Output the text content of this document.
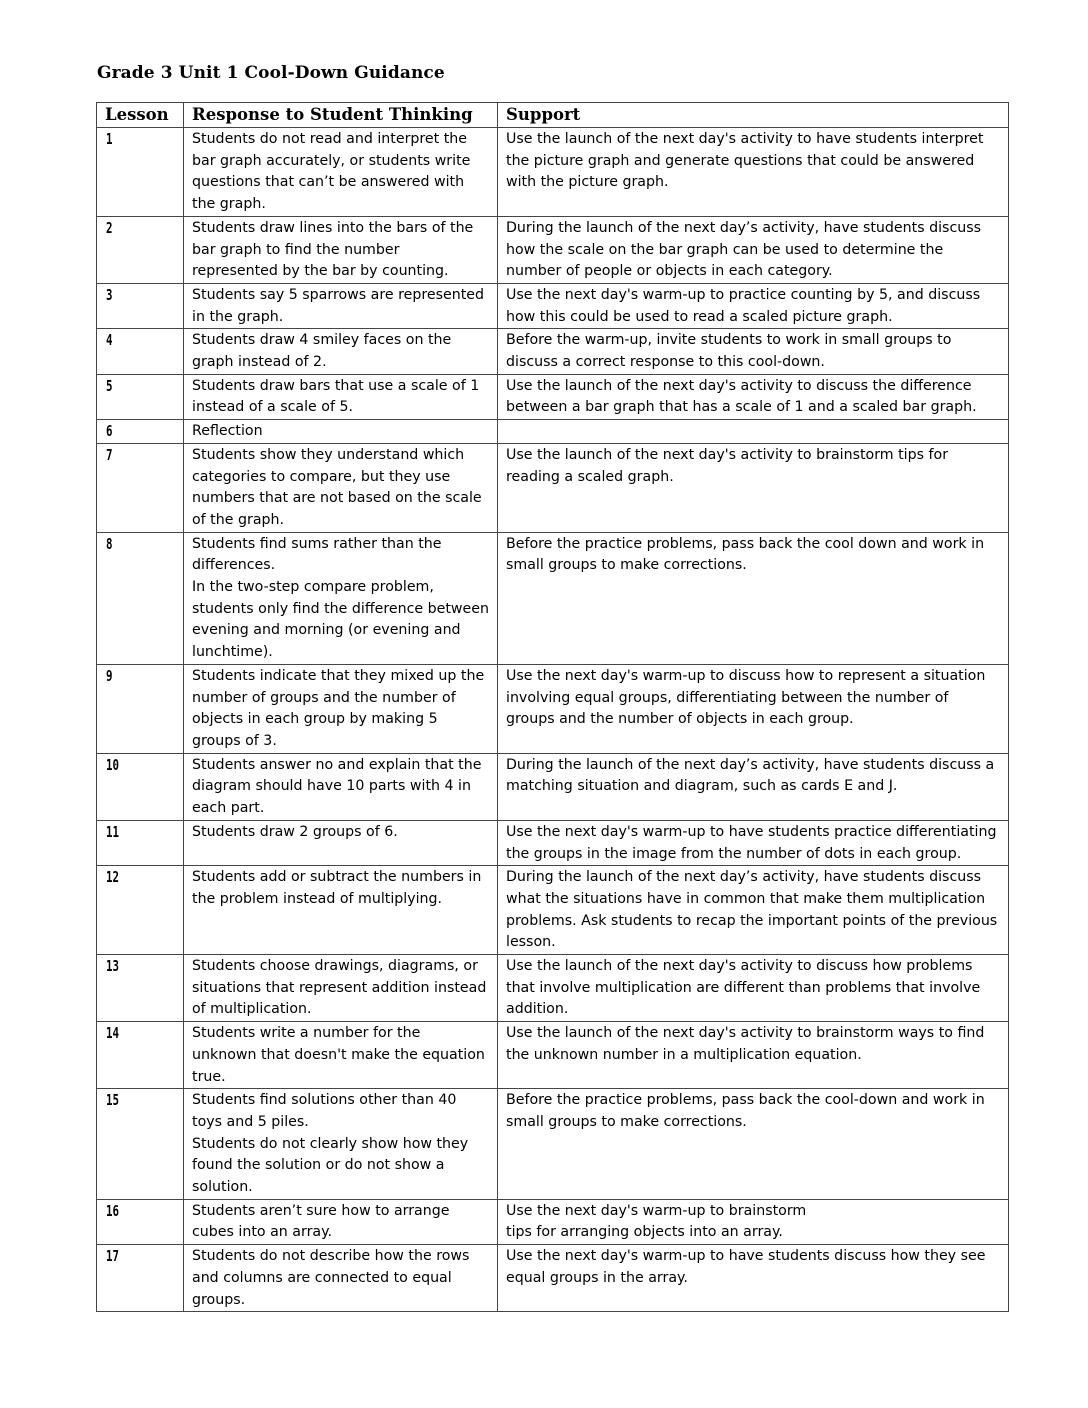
Grade 3 Unit 1 Cool-Down Guidance
Lesson	Response to Student Thinking	Support
1	Students do not read and interpret the bar graph accurately, or students write questions that can’t be answered with the graph.	Use the launch of the next day's activity to have students interpret the picture graph and generate questions that could be answered with the picture graph.

2	Students draw lines into the bars of the bar graph to find the number represented by the bar by counting.	During the launch of the next day’s activity, have students discuss how the scale on the bar graph can be used to determine the number of people or objects in each category.

3	Students say 5 sparrows are represented in the graph.	Use the next day's warm-up to practice counting by 5, and discuss how this could be used to read a scaled picture graph.

4	Students draw 4 smiley faces on the graph instead of 2.	Before the warm-up, invite students to work in small groups to discuss a correct response to this cool-down.

5	Students draw bars that use a scale of 1 instead of a scale of 5.	Use the launch of the next day's activity to discuss the difference between a bar graph that has a scale of 1 and a scaled bar graph.

6	Reflection	

7	Students show they understand which categories to compare, but they use numbers that are not based on the scale of the graph.	Use the launch of the next day's activity to brainstorm tips for reading a scaled graph.

8	Students find sums rather than the differences.
In the two-step compare problem, students only find the difference between evening and morning (or evening and lunchtime).	Before the practice problems, pass back the cool down and work in small groups to make corrections.

9	Students indicate that they mixed up the number of groups and the number of objects in each group by making 5 groups of 3.	Use the next day's warm-up to discuss how to represent a situation involving equal groups, differentiating between the number of groups and the number of objects in each group.

10	Students answer no and explain that the diagram should have 10 parts with 4 in each part.	During the launch of the next day’s activity, have students discuss a matching situation and diagram, such as cards E and J.

11	Students draw 2 groups of 6.	Use the next day's warm-up to have students practice differentiating the groups in the image from the number of dots in each group.

12	Students add or subtract the numbers in the problem instead of multiplying.	During the launch of the next day’s activity, have students discuss what the situations have in common that make them multiplication problems. Ask students to recap the important points of the previous lesson.

13	Students choose drawings, diagrams, or situations that represent addition instead of multiplication.	Use the launch of the next day's activity to discuss how problems that involve multiplication are different than problems that involve addition.

14	Students write a number for the unknown that doesn't make the equation true.	Use the launch of the next day's activity to brainstorm ways to find the unknown number in a multiplication equation.

15	Students find solutions other than 40 toys and 5 piles.
Students do not clearly show how they found the solution or do not show a solution.	Before the practice problems, pass back the cool-down and work in small groups to make corrections.

16	Students aren’t sure how to arrange cubes into an array.	Use the next day's warm-up to brainstorm
tips for arranging objects into an array.

17	Students do not describe how the rows and columns are connected to equal groups.	Use the next day's warm-up to have students discuss how they see equal groups in the array.
